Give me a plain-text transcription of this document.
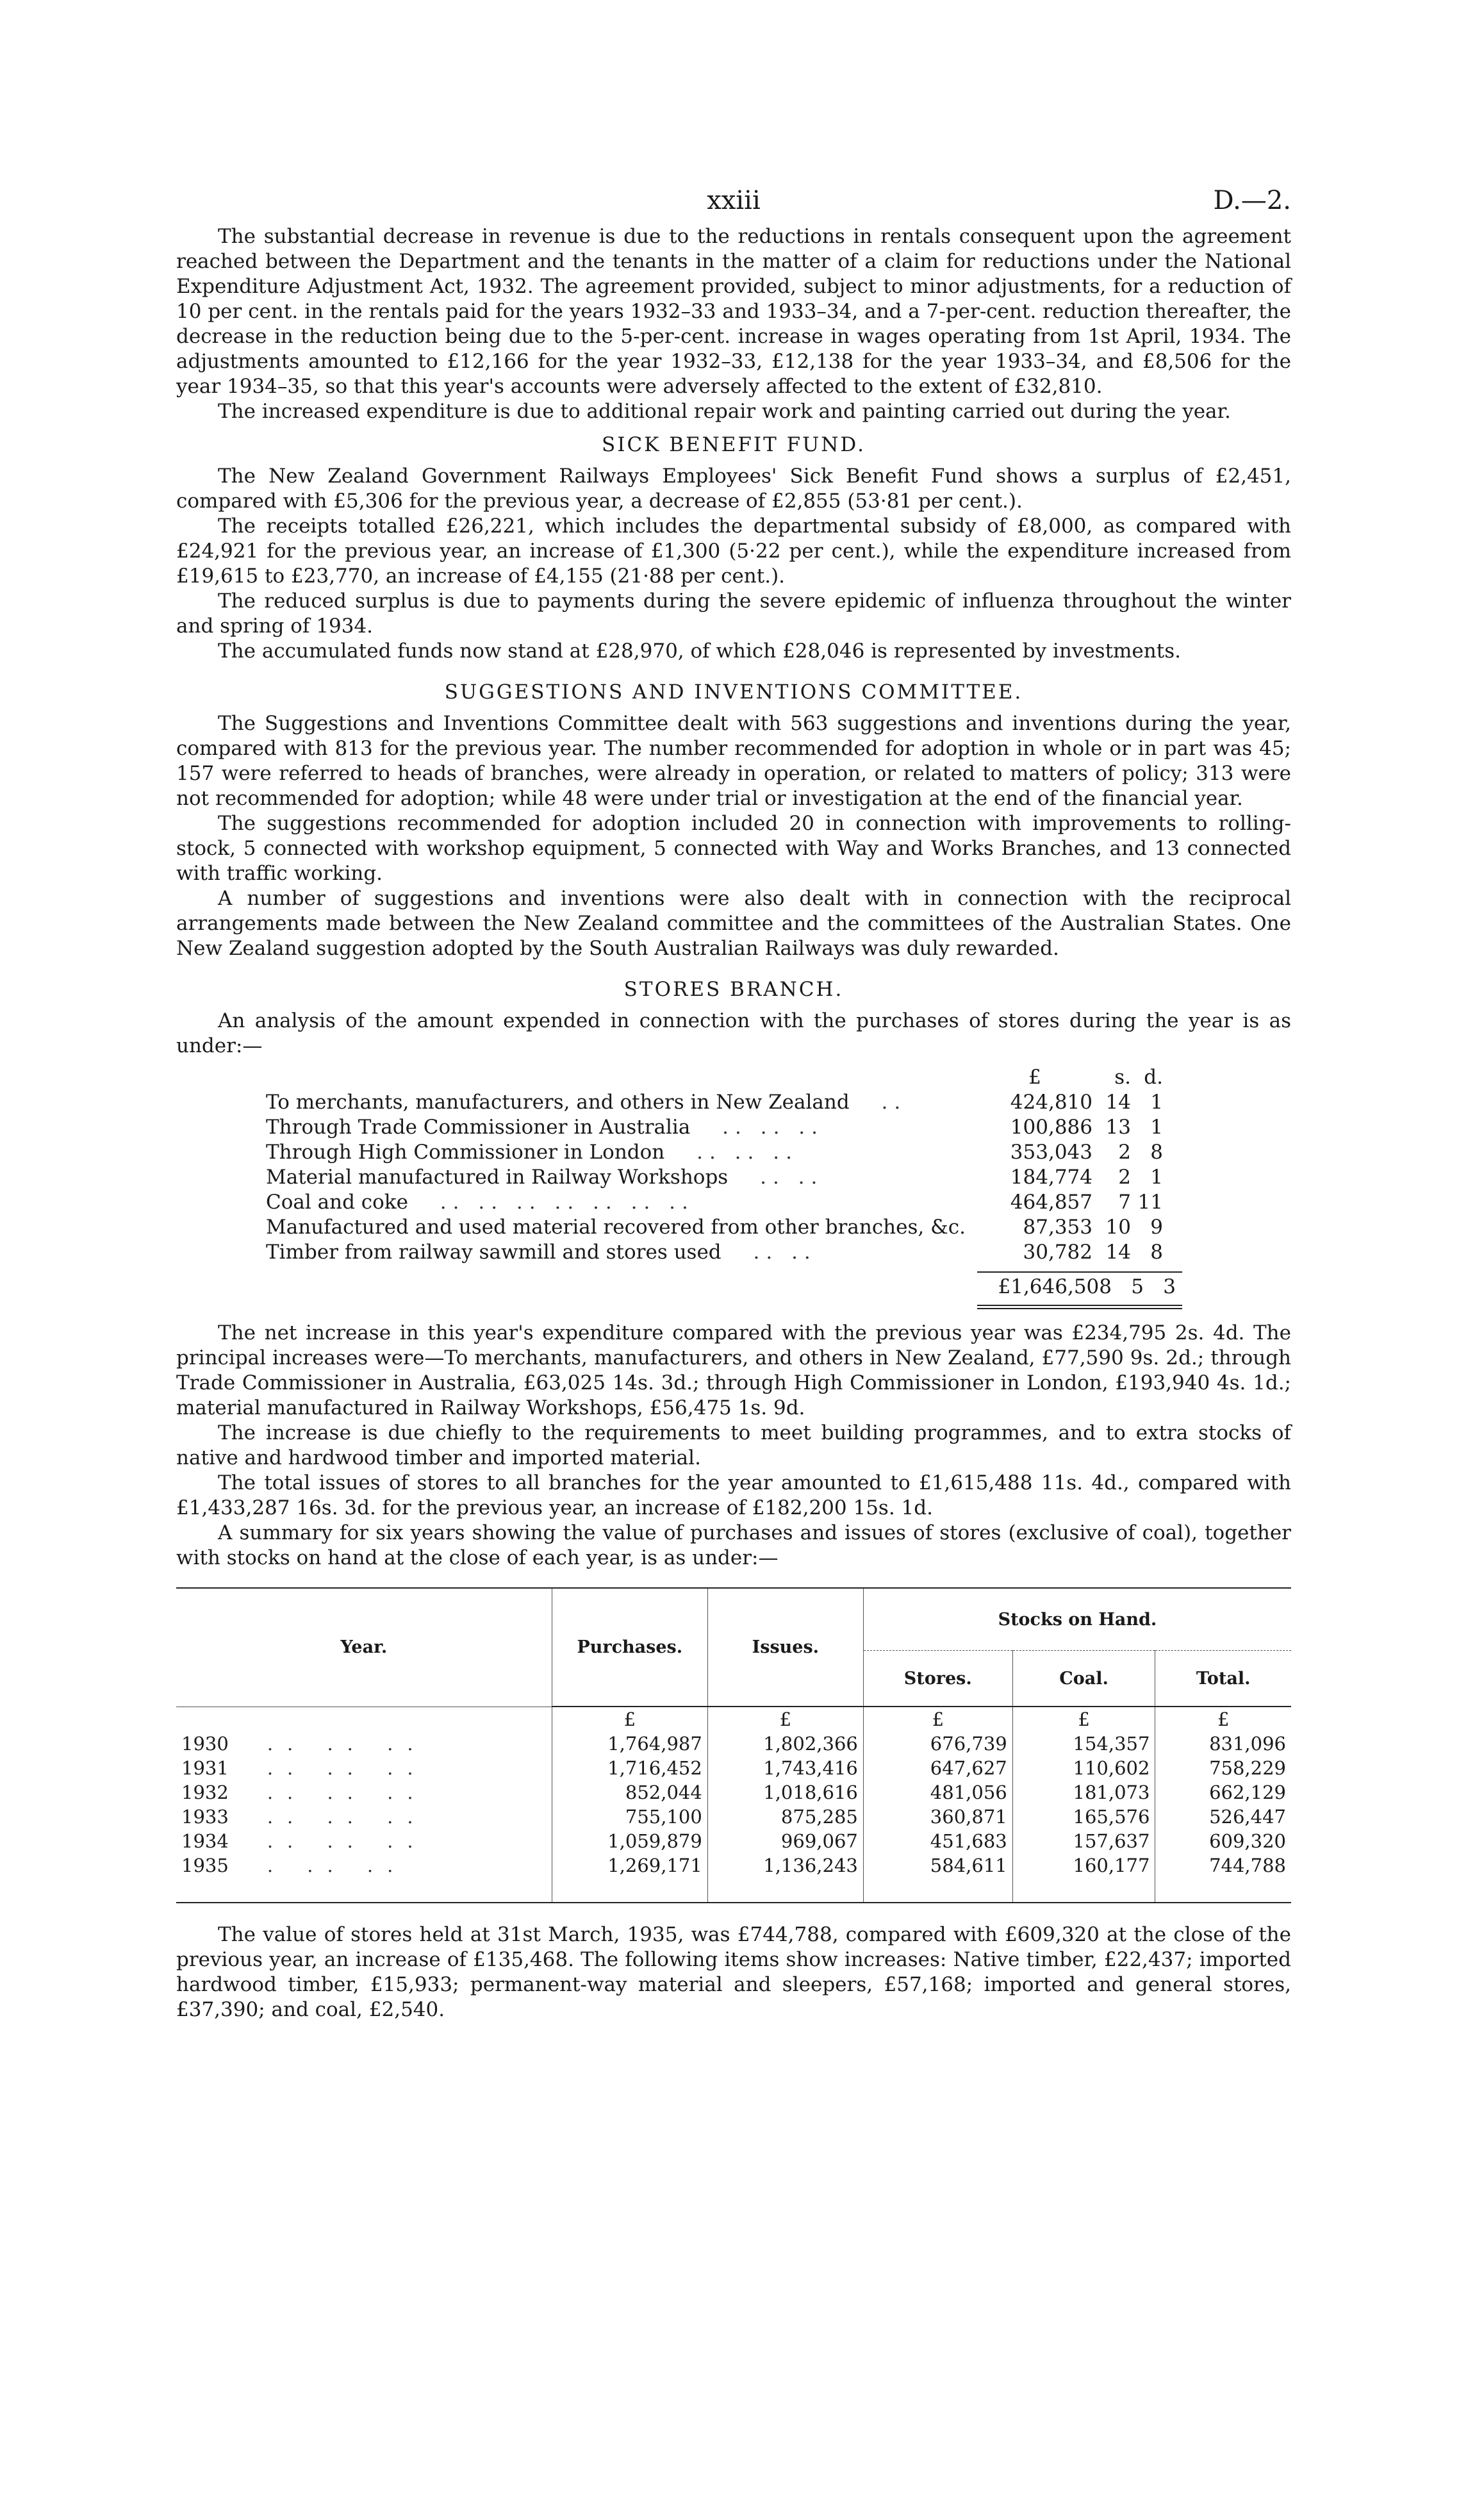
xxiii	D.—2.

The substantial decrease in revenue is due to the reductions in rentals consequent upon the agreement reached between the Department and the tenants in the matter of a claim for reductions under the National Expenditure Adjustment Act, 1932. The agreement provided, subject to minor adjustments, for a reduction of 10 per cent. in the rentals paid for the years 1932–33 and 1933–34, and a 7-per-cent. reduction thereafter, the decrease in the reduction being due to the 5-per-cent. increase in wages operating from 1st April, 1934. The adjustments amounted to £12,166 for the year 1932–33, £12,138 for the year 1933–34, and £8,506 for the year 1934–35, so that this year's accounts were adversely affected to the extent of £32,810.

The increased expenditure is due to additional repair work and painting carried out during the year.

SICK BENEFIT FUND.

The New Zealand Government Railways Employees' Sick Benefit Fund shows a surplus of £2,451, compared with £5,306 for the previous year, a decrease of £2,855 (53·81 per cent.).

The receipts totalled £26,221, which includes the departmental subsidy of £8,000, as compared with £24,921 for the previous year, an increase of £1,300 (5·22 per cent.), while the expenditure increased from £19,615 to £23,770, an increase of £4,155 (21·88 per cent.).

The reduced surplus is due to payments during the severe epidemic of influenza throughout the winter and spring of 1934.

The accumulated funds now stand at £28,970, of which £28,046 is represented by investments.

SUGGESTIONS AND INVENTIONS COMMITTEE.

The Suggestions and Inventions Committee dealt with 563 suggestions and inventions during the year, compared with 813 for the previous year. The number recommended for adoption in whole or in part was 45; 157 were referred to heads of branches, were already in operation, or related to matters of policy; 313 were not recommended for adoption; while 48 were under trial or investigation at the end of the financial year.

The suggestions recommended for adoption included 20 in connection with improvements to rolling-stock, 5 connected with workshop equipment, 5 connected with Way and Works Branches, and 13 connected with traffic working.

A number of suggestions and inventions were also dealt with in connection with the reciprocal arrangements made between the New Zealand committee and the committees of the Australian States. One New Zealand suggestion adopted by the South Australian Railways was duly rewarded.

STORES BRANCH.

An analysis of the amount expended in connection with the purchases of stores during the year is as under:—

£	s. d.
To merchants, manufacturers, and others in New Zealand ..	424,810 14 1
Through Trade Commissioner in Australia .. .. ..	100,886 13 1
Through High Commissioner in London .. .. ..	353,043	2 8
Material manufactured in Railway Workshops .. ..	184,774	2 1
Coal and coke .. .. .. .. .. .. ..	464,857	7 11
Manufactured and used material recovered from other branches, &c.	87,353 10 9
Timber from railway sawmill and stores used .. ..	30,782 14 8
£1,646,508 5 3

The net increase in this year's expenditure compared with the previous year was £234,795 2s. 4d. The principal increases were—To merchants, manufacturers, and others in New Zealand, £77,590 9s. 2d.; through Trade Commissioner in Australia, £63,025 14s. 3d.; through High Commissioner in London, £193,940 4s. 1d.; material manufactured in Railway Workshops, £56,475 1s. 9d.

The increase is due chiefly to the requirements to meet building programmes, and to extra stocks of native and hardwood timber and imported material.

The total issues of stores to all branches for the year amounted to £1,615,488 11s. 4d., compared with £1,433,287 16s. 3d. for the previous year, an increase of £182,200 15s. 1d.

A summary for six years showing the value of purchases and issues of stores (exclusive of coal), together with stocks on hand at the close of each year, is as under:—

Year.	Purchases.	Issues.	Stocks on Hand.		
			Stores.	Coal.	Total.
	£	£	£	£	£
1930 .. .. ..	1,764,987	1,802,366	676,739	154,357	831,096
1931 .. .. ..	1,716,452	1,743,416	647,627	110,602	758,229
1932 .. .. ..	852,044	1,018,616	481,056	181,073	662,129
1933 .. .. ..	755,100	875,285	360,871	165,576	526,447
1934 .. .. ..	1,059,879	969,067	451,683	157,637	609,320
1935 . .. ..	1,269,171	1,136,243	584,611	160,177	744,788

The value of stores held at 31st March, 1935, was £744,788, compared with £609,320 at the close of the previous year, an increase of £135,468. The following items show increases: Native timber, £22,437; imported hardwood timber, £15,933; permanent-way material and sleepers, £57,168; imported and general stores, £37,390; and coal, £2,540.
